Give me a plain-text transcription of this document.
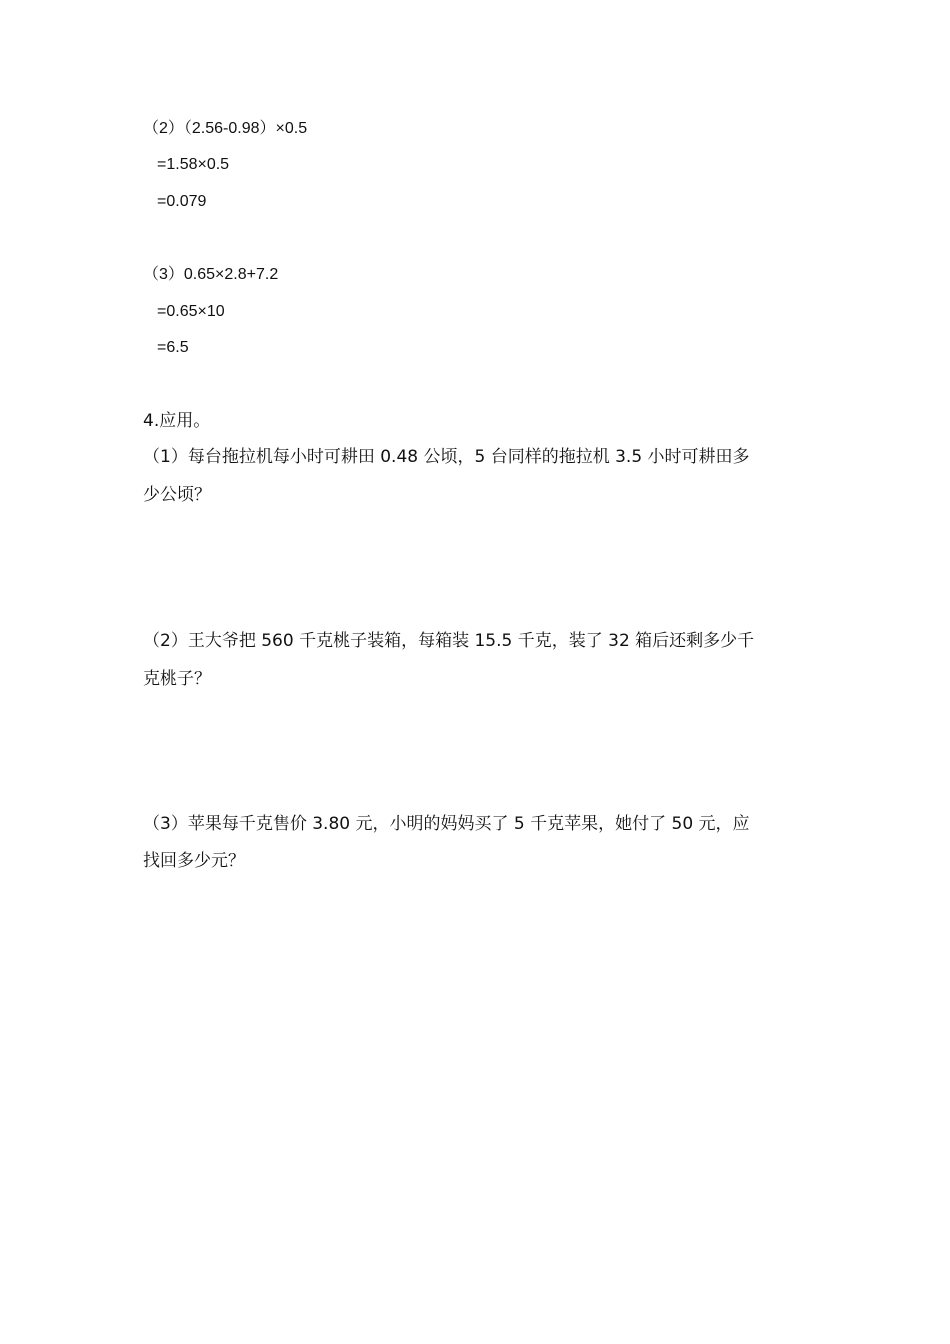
（2）（2.56-0.98）×0.5
=1.58×0.5
=0.079
（3）0.65×2.8+7.2
=0.65×10
=6.5
4.应用。
（1）每台拖拉机每小时可耕田 0.48 公顷，5 台同样的拖拉机 3.5 小时可耕田多
少公顷？
（2）王大爷把 560 千克桃子装箱，每箱装 15.5 千克，装了 32 箱后还剩多少千
克桃子？
（3）苹果每千克售价 3.80 元，小明的妈妈买了 5 千克苹果，她付了 50 元，应
找回多少元？
